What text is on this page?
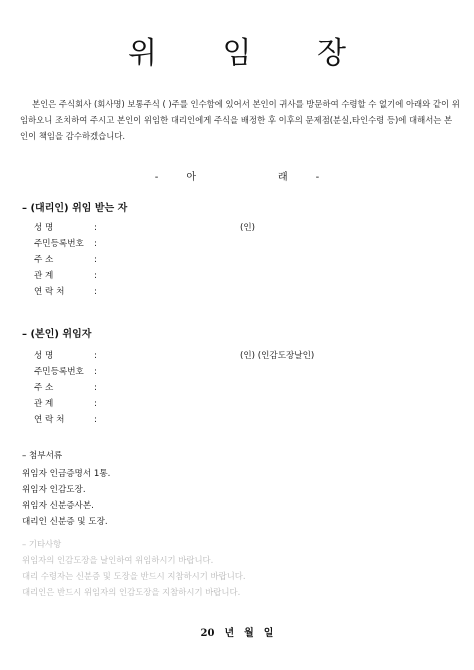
위 임 장
본인은 주식회사 (회사명) 보통주식 ( )주를 인수함에 있어서 본인이 귀사를 방문하여 수령할 수 없기에 아래와 같이 위임하오니 조치하여 주시고 본인이 위임한 대리인에게 주식을 배정한 후 이후의 문제점(분실,타인수령 등)에 대해서는 본인이 책임을 감수하겠습니다.
-	아	래	-
– (대리인) 위임 받는 자
성 명	:	(인)
주민등록번호	:
주 소	:
관 계	:
연 락 처	:
– (본인) 위임자
성 명	:	(인) (인감도장날인)
주민등록번호	:
주 소	:
관 계	:
연 락 처	:
– 첨부서류
위임자 인금증명서 1통.
위임자 인감도장.
위임자 신분증사본.
대리인 신분증 및 도장.
– 기타사항
위임자의 인감도장을 날인하여 위임하시기 바랍니다.
대리 수령자는 신분증 및 도장을 반드시 지참하시기 바랍니다.
대리인은 반드시 위임자의 인감도장을 지참하시기 바랍니다.
20 년 월 일
